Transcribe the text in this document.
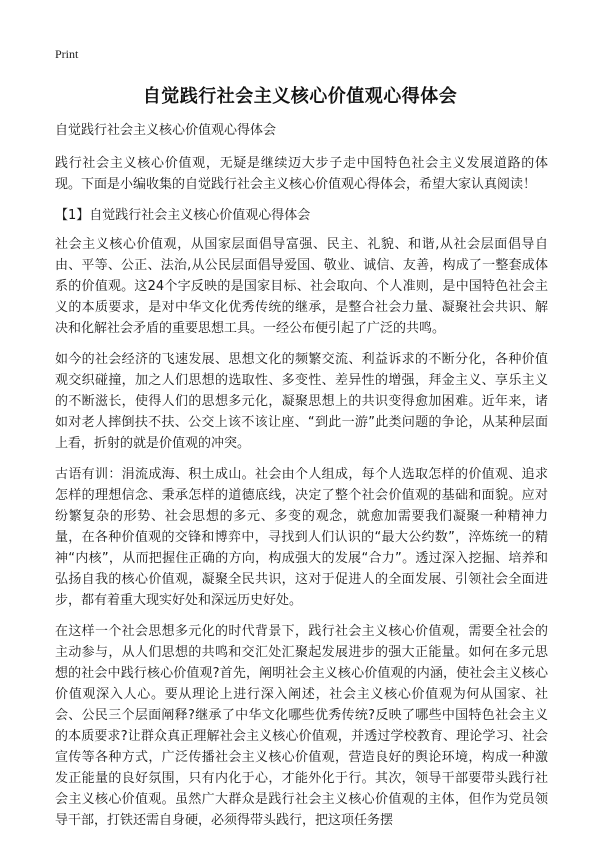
Print
自觉践行社会主义核心价值观心得体会

自觉践行社会主义核心价值观心得体会

践行社会主义核心价值观，无疑是继续迈大步子走中国特色社会主义发展道路的体现。下面是小编收集的自觉践行社会主义核心价值观心得体会，希望大家认真阅读！

【1】自觉践行社会主义核心价值观心得体会

社会主义核心价值观，从国家层面倡导富强、民主、礼貌、和谐,从社会层面倡导自由、平等、公正、法治,从公民层面倡导爱国、敬业、诚信、友善，构成了一整套成体系的价值观。这24个字反映的是国家目标、社会取向、个人准则，是中国特色社会主义的本质要求，是对中华文化优秀传统的继承，是整合社会力量、凝聚社会共识、解决和化解社会矛盾的重要思想工具。一经公布便引起了广泛的共鸣。

如今的社会经济的飞速发展、思想文化的频繁交流、利益诉求的不断分化，各种价值观交织碰撞，加之人们思想的选取性、多变性、差异性的增强，拜金主义、享乐主义的不断滋长，使得人们的思想多元化，凝聚思想上的共识变得愈加困难。近年来，诸如对老人摔倒扶不扶、公交上该不该让座、“到此一游”此类问题的争论，从某种层面上看，折射的就是价值观的冲突。

古语有训：涓流成海、积土成山。社会由个人组成，每个人选取怎样的价值观、追求怎样的理想信念、秉承怎样的道德底线，决定了整个社会价值观的基础和面貌。应对纷繁复杂的形势、社会思想的多元、多变的观念，就愈加需要我们凝聚一种精神力量，在各种价值观的交锋和博弈中，寻找到人们认识的“最大公约数”，淬炼统一的精神“内核”，从而把握住正确的方向，构成强大的发展“合力”。透过深入挖掘、培养和弘扬自我的核心价值观，凝聚全民共识，这对于促进人的全面发展、引领社会全面进步，都有着重大现实好处和深远历史好处。

在这样一个社会思想多元化的时代背景下，践行社会主义核心价值观，需要全社会的主动参与，从人们思想的共鸣和交汇处汇聚起发展进步的强大正能量。如何在多元思想的社会中践行核心价值观?首先，阐明社会主义核心价值观的内涵，使社会主义核心价值观深入人心。要从理论上进行深入阐述，社会主义核心价值观为何从国家、社会、公民三个层面阐释?继承了中华文化哪些优秀传统?反映了哪些中国特色社会主义的本质要求?让群众真正理解社会主义核心价值观，并透过学校教育、理论学习、社会宣传等各种方式，广泛传播社会主义核心价值观，营造良好的舆论环境，构成一种激发正能量的良好氛围，只有内化于心，才能外化于行。其次，领导干部要带头践行社会主义核心价值观。虽然广大群众是践行社会主义核心价值观的主体，但作为党员领导干部，打铁还需自身硬，必须得带头践行，把这项任务摆
